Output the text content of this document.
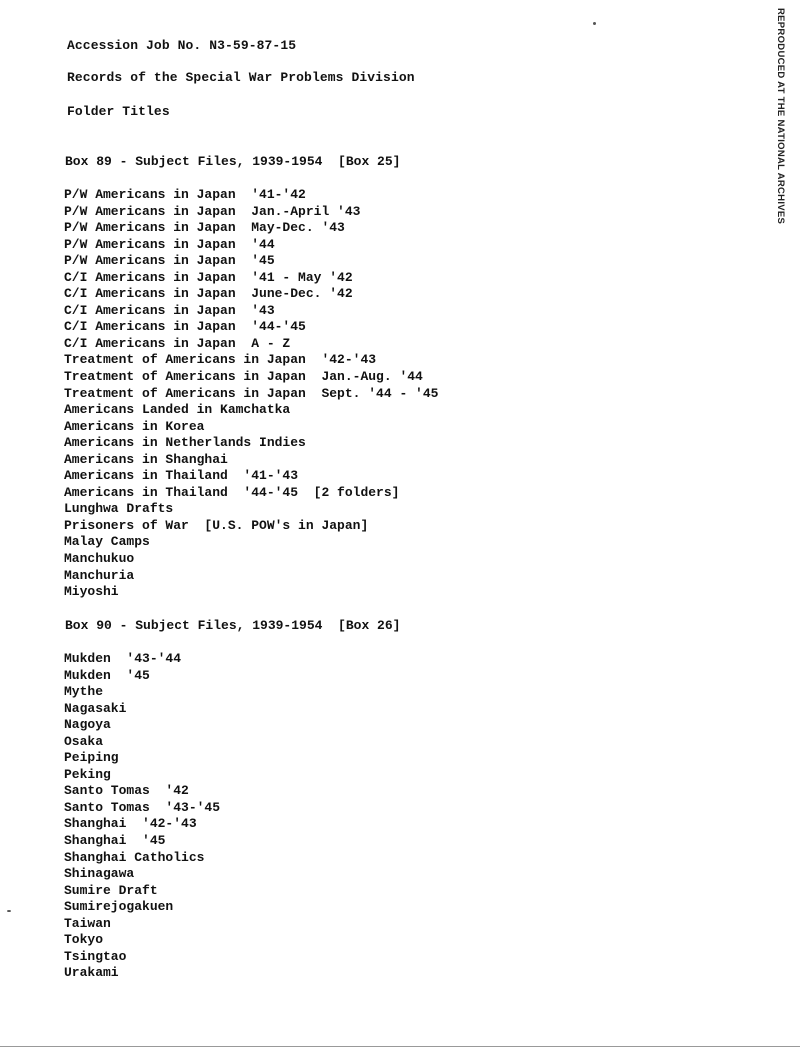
Accession Job No. N3-59-87-15
Records of the Special War Problems Division
Folder Titles
Box 89 - Subject Files, 1939-1954  [Box 25]
P/W Americans in Japan  '41-'42
P/W Americans in Japan  Jan.-April '43
P/W Americans in Japan  May-Dec. '43
P/W Americans in Japan  '44
P/W Americans in Japan  '45
C/I Americans in Japan  '41 - May '42
C/I Americans in Japan  June-Dec. '42
C/I Americans in Japan  '43
C/I Americans in Japan  '44-'45
C/I Americans in Japan  A - Z
Treatment of Americans in Japan  '42-'43
Treatment of Americans in Japan  Jan.-Aug. '44
Treatment of Americans in Japan  Sept. '44 - '45
Americans Landed in Kamchatka
Americans in Korea
Americans in Netherlands Indies
Americans in Shanghai
Americans in Thailand  '41-'43
Americans in Thailand  '44-'45  [2 folders]
Lunghwa Drafts
Prisoners of War  [U.S. POW's in Japan]
Malay Camps
Manchukuo
Manchuria
Miyoshi
Box 90 - Subject Files, 1939-1954  [Box 26]
Mukden  '43-'44
Mukden  '45
Mythe
Nagasaki
Nagoya
Osaka
Peiping
Peking
Santo Tomas  '42
Santo Tomas  '43-'45
Shanghai  '42-'43
Shanghai  '45
Shanghai Catholics
Shinagawa
Sumire Draft
Sumirejogakuen
Taiwan
Tokyo
Tsingtao
Urakami
REPRODUCED AT THE NATIONAL ARCHIVES
